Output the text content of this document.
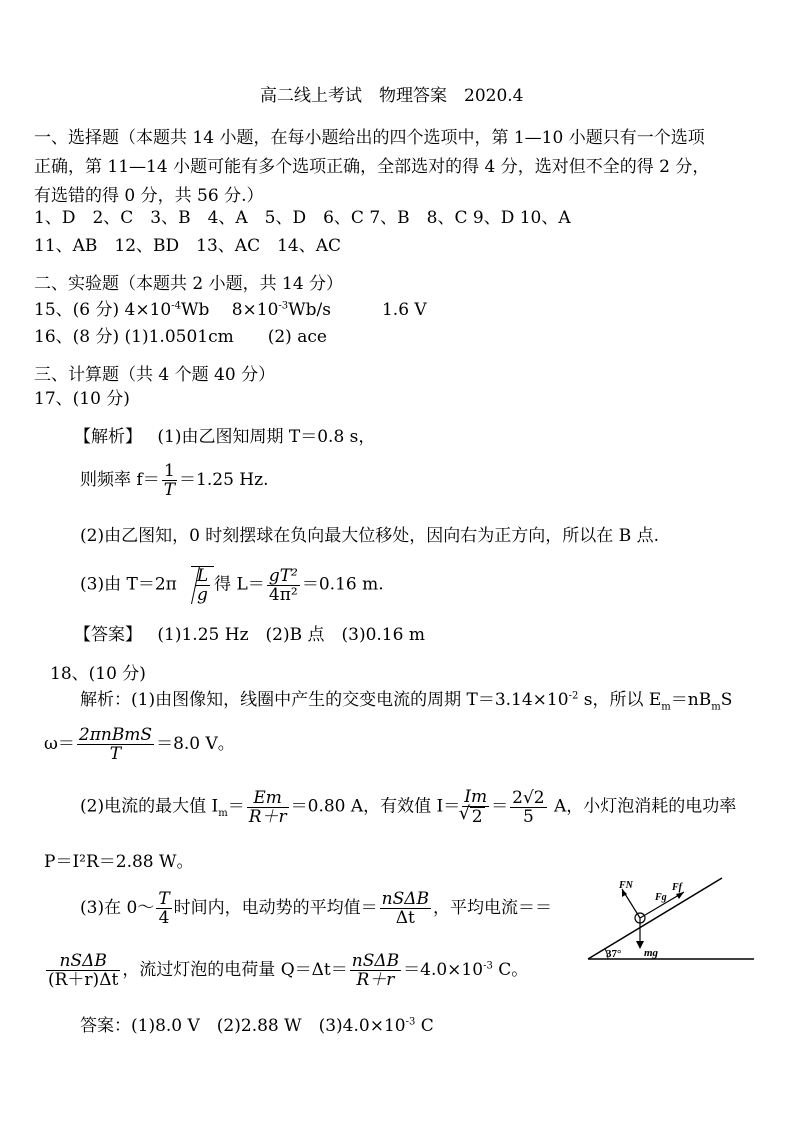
高二线上考试　物理答案　2020.4
一、选择题（本题共 14 小题，在每小题给出的四个选项中，第 1—10 小题只有一个选项
正确，第 11—14 小题可能有多个选项正确，全部选对的得 4 分，选对但不全的得 2 分，
有选错的得 0 分，共 56 分.）
1、D　2、C　3、B　4、A　5、D　6、C 7、B　8、C 9、D 10、A
11、AB　12、BD　13、AC　14、AC
二、实验题（本题共 2 小题，共 14 分）
15、(6 分) $4\times 10^{-4}Wb$　 $8\times 10^{-3}Wb/s$　　　1.6 V
16、(8 分) (1)1.0501cm　　(2) ace
三、计算题（共 4 个题 40 分）
17、(10 分)
【解析】 (1)由乙图知周期 T＝0.8 s，
则频率 $f= \frac{1}{T} =1.25$ Hz.
(2)由乙图知，0 时刻摆球在负向最大位移处，因向右为正方向，所以在 B 点.
(3)由 $T=2\pi \frac{L}{g}$ 得 $L= \frac{\text{gT²}}{\text{4π²}} =0.16$ m.
【答案】 (1)1.25 Hz　(2)B 点　(3)0.16 m
18、(10 分)
解析：(1)由图像知，线圈中产生的交变电流的周期 $T=3.14\times 10^{-2}$ s，所以 $E_m=nB_mS$
$\omega= \frac{\text{2πnBmS}}{T} =8.0$ V。
(2)电流的最大值 $I_m= \frac{Em}{R+r} =0.80$ A，有效值 I＝ Im
√ $2 = \frac{2√2}{5}$ A，小灯泡消耗的电功率
P＝I²R＝2.88 W。
(3)在 0～ $\frac{T}{4}$ 时间内，电动势的平均值＝ $\frac{\text{nSΔB}}{\Delta t}$ ，平均电流＝＝
$\frac{\text{nSΔB}}{(R+r)\Delta t}$ ，流过灯泡的电荷量 $Q=\Delta t= \frac{\text{nSΔB}}{R+r} =4.0\times 10^{-3}$ C。
答案：(1)8.0 V　(2)2.88 W　$(3)4.0\times 10^{-3}$ C
37°
FN
Fg
Ff
mg
